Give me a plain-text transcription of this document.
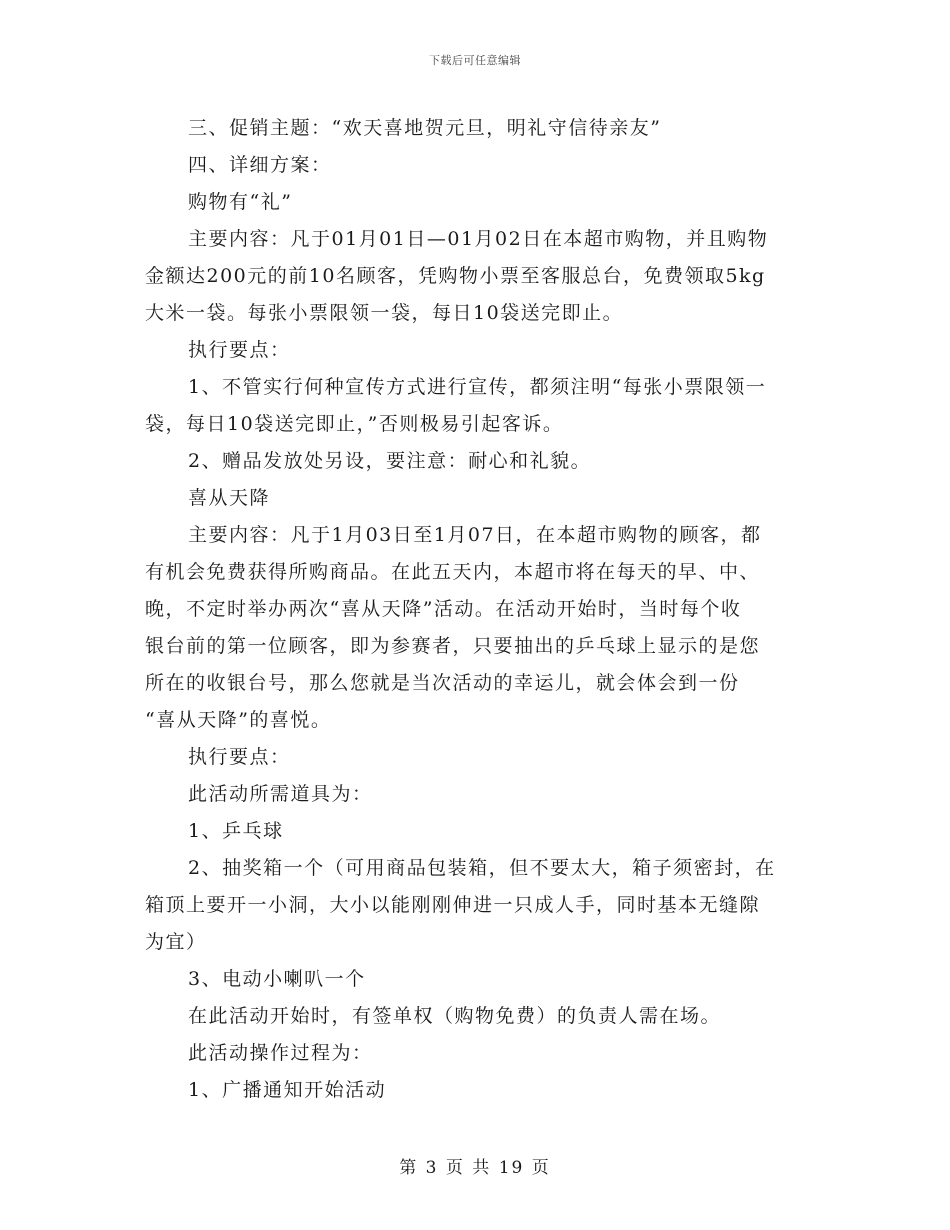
下载后可任意编辑
三、促销主题：“欢天喜地贺元旦，明礼守信待亲友”
四、详细方案：
购物有“礼”
主要内容：凡于01月01日—01月02日在本超市购物，并且购物
金额达200元的前10名顾客，凭购物小票至客服总台，免费领取5kg
大米一袋。每张小票限领一袋，每日10袋送完即止。
执行要点：
1、不管实行何种宣传方式进行宣传，都须注明“每张小票限领一
袋，每日10袋送完即止，”否则极易引起客诉。
2、赠品发放处另设，要注意：耐心和礼貌。
喜从天降
主要内容：凡于1月03日至1月07日，在本超市购物的顾客，都
有机会免费获得所购商品。在此五天内，本超市将在每天的早、中、
晚，不定时举办两次“喜从天降”活动。在活动开始时，当时每个收
银台前的第一位顾客，即为参赛者，只要抽出的乒乓球上显示的是您
所在的收银台号，那么您就是当次活动的幸运儿，就会体会到一份
“喜从天降”的喜悦。
执行要点：
此活动所需道具为：
1、乒乓球
2、抽奖箱一个（可用商品包装箱，但不要太大，箱子须密封，在
箱顶上要开一小洞，大小以能刚刚伸进一只成人手，同时基本无缝隙
为宜）
3、电动小喇叭一个
在此活动开始时，有签单权（购物免费）的负责人需在场。
此活动操作过程为：
1、广播通知开始活动
第 3 页 共 19 页
